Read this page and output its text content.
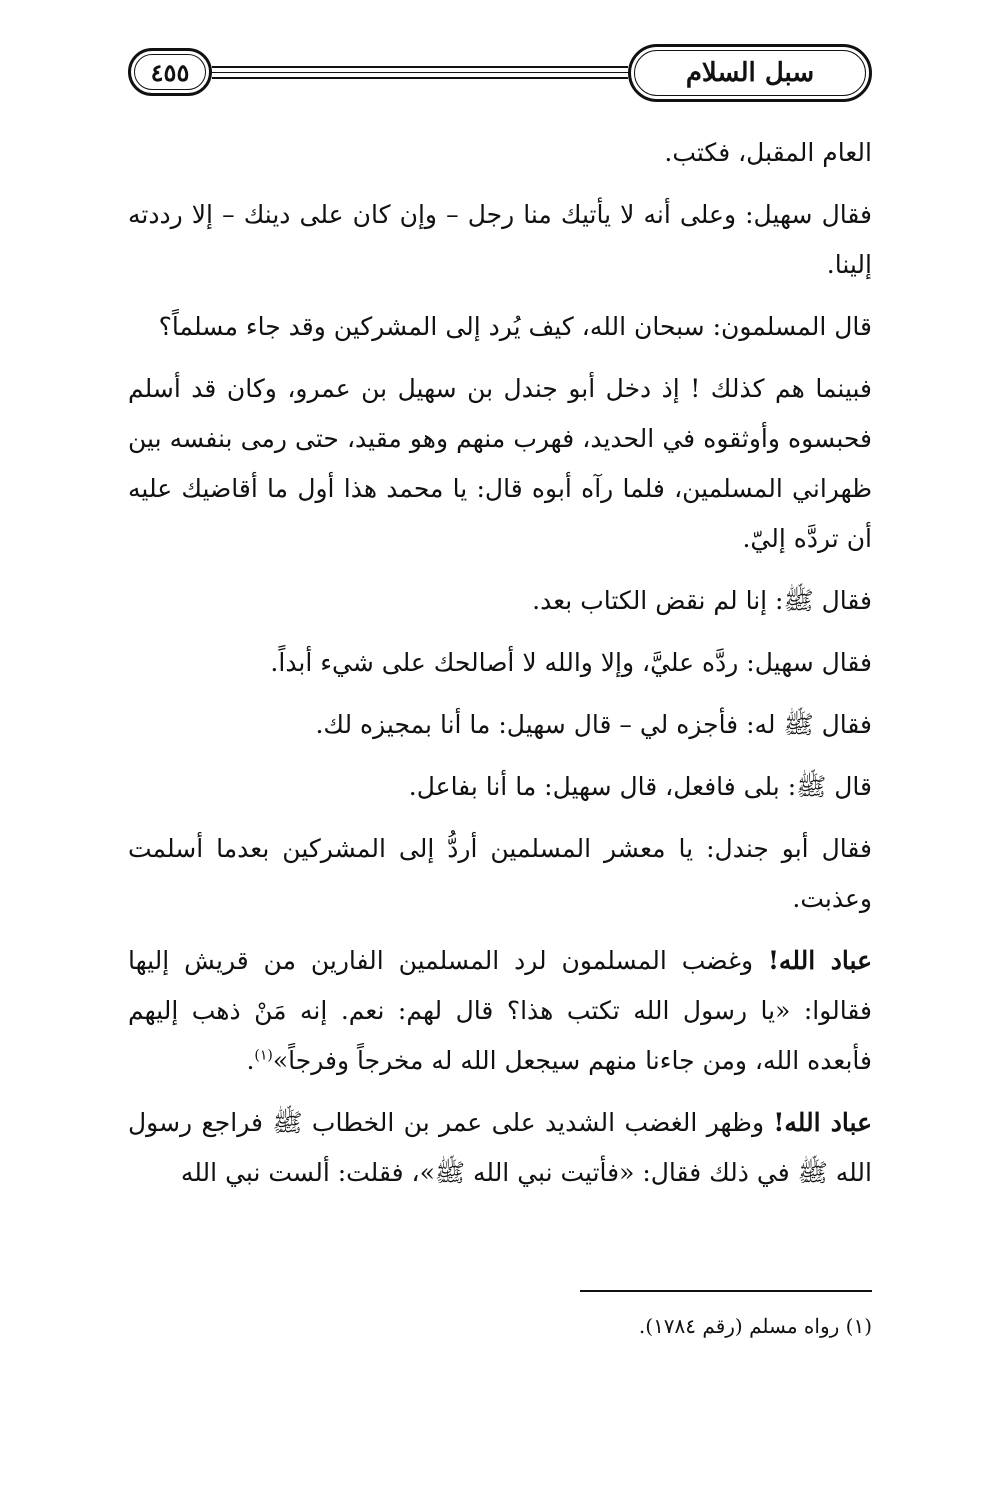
سبل السلام
٤٥٥

العام المقبل، فكتب.

فقال سهيل: وعلى أنه لا يأتيك منا رجل – وإن كان على دينك – إلا رددته إلينا.

قال المسلمون: سبحان الله، كيف يُرد إلى المشركين وقد جاء مسلماً؟

فبينما هم كذلك ! إذ دخل أبو جندل بن سهيل بن عمرو، وكان قد أسلم فحبسوه وأوثقوه في الحديد، فهرب منهم وهو مقيد، حتى رمى بنفسه بين ظهراني المسلمين، فلما رآه أبوه قال: يا محمد هذا أول ما أقاضيك عليه أن تردَّه إليّ.

فقال ﷺ: إنا لم نقض الكتاب بعد.

فقال سهيل: ردَّه عليَّ، وإلا والله لا أصالحك على شيء أبداً.

فقال ﷺ له: فأجزه لي – قال سهيل: ما أنا بمجيزه لك.

قال ﷺ: بلى فافعل، قال سهيل: ما أنا بفاعل.

فقال أبو جندل: يا معشر المسلمين أردُّ إلى المشركين بعدما أسلمت وعذبت.

عباد الله! وغضب المسلمون لرد المسلمين الفارين من قريش إليها فقالوا: «يا رسول الله تكتب هذا؟ قال لهم: نعم. إنه مَنْ ذهب إليهم فأبعده الله، ومن جاءنا منهم سيجعل الله له مخرجاً وفرجاً»$^{(١)}$.

عباد الله! وظهر الغضب الشديد على عمر بن الخطاب ﷺ فراجع رسول الله ﷺ في ذلك فقال: «فأتيت نبي الله ﷺ»، فقلت: ألست نبي الله

(١) رواه مسلم (رقم ١٧٨٤).
